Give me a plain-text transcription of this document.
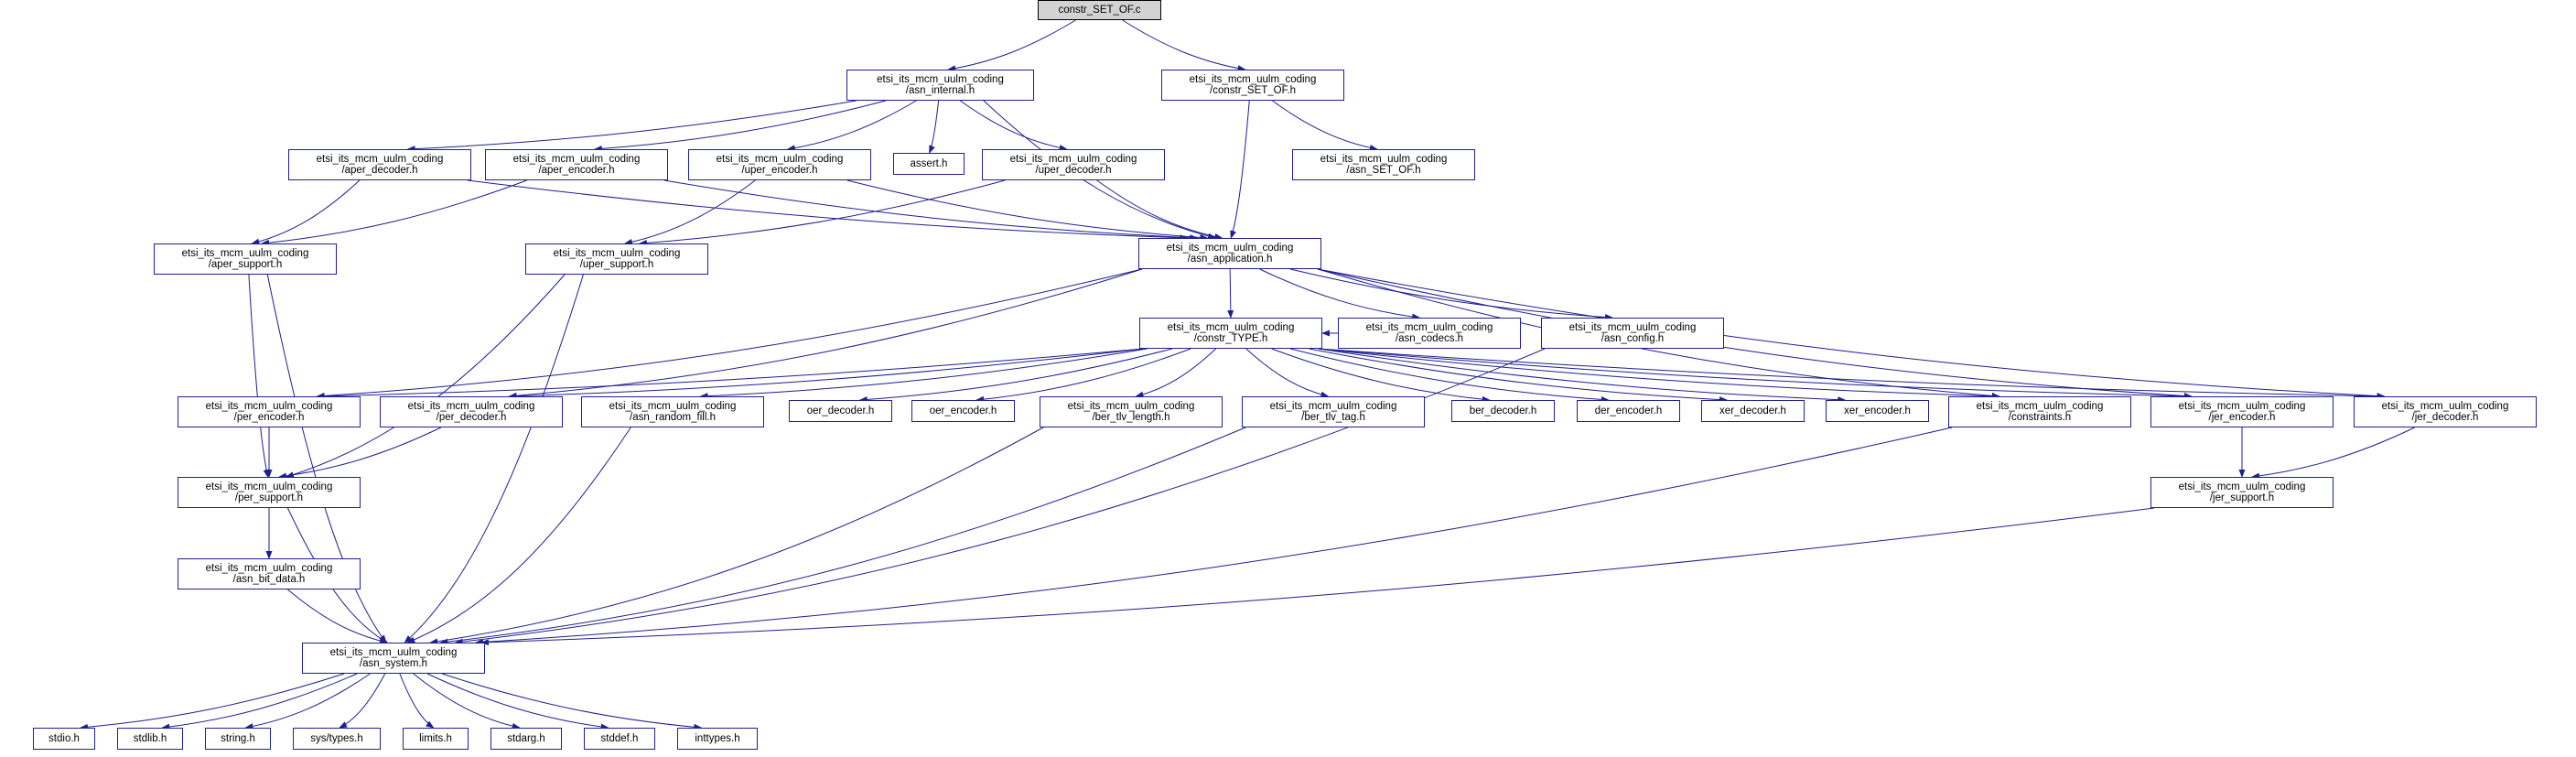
constr_SET_OF.c
etsi_its_mcm_uulm_coding
/asn_internal.h
etsi_its_mcm_uulm_coding
/constr_SET_OF.h
etsi_its_mcm_uulm_coding
/aper_decoder.h
etsi_its_mcm_uulm_coding
/aper_encoder.h
etsi_its_mcm_uulm_coding
/uper_encoder.h
assert.h	etsi_its_mcm_uulm_coding
/uper_decoder.h
etsi_its_mcm_uulm_coding
/asn_SET_OF.h
etsi_its_mcm_uulm_coding
/aper_support.h
etsi_its_mcm_uulm_coding
/uper_support.h
etsi_its_mcm_uulm_coding
/asn_application.h
etsi_its_mcm_uulm_coding
/constr_TYPE.h
etsi_its_mcm_uulm_coding
/asn_codecs.h
etsi_its_mcm_uulm_coding
/asn_config.h
etsi_its_mcm_uulm_coding
/per_encoder.h
etsi_its_mcm_uulm_coding
/per_decoder.h
etsi_its_mcm_uulm_coding
/asn_random_fill.h
oer_decoder.h	oer_encoder.h	etsi_its_mcm_uulm_coding
/ber_tlv_length.h
etsi_its_mcm_uulm_coding
/ber_tlv_tag.h
ber_decoder.h	der_encoder.h	xer_decoder.h	xer_encoder.h	etsi_its_mcm_uulm_coding
/constraints.h
etsi_its_mcm_uulm_coding
/jer_encoder.h
etsi_its_mcm_uulm_coding
/jer_decoder.h
etsi_its_mcm_uulm_coding
/per_support.h
etsi_its_mcm_uulm_coding
/jer_support.h
etsi_its_mcm_uulm_coding
/asn_bit_data.h
etsi_its_mcm_uulm_coding
/asn_system.h
stdio.h	stdlib.h	string.h	sys/types.h	limits.h	stdarg.h	stddef.h	inttypes.h
